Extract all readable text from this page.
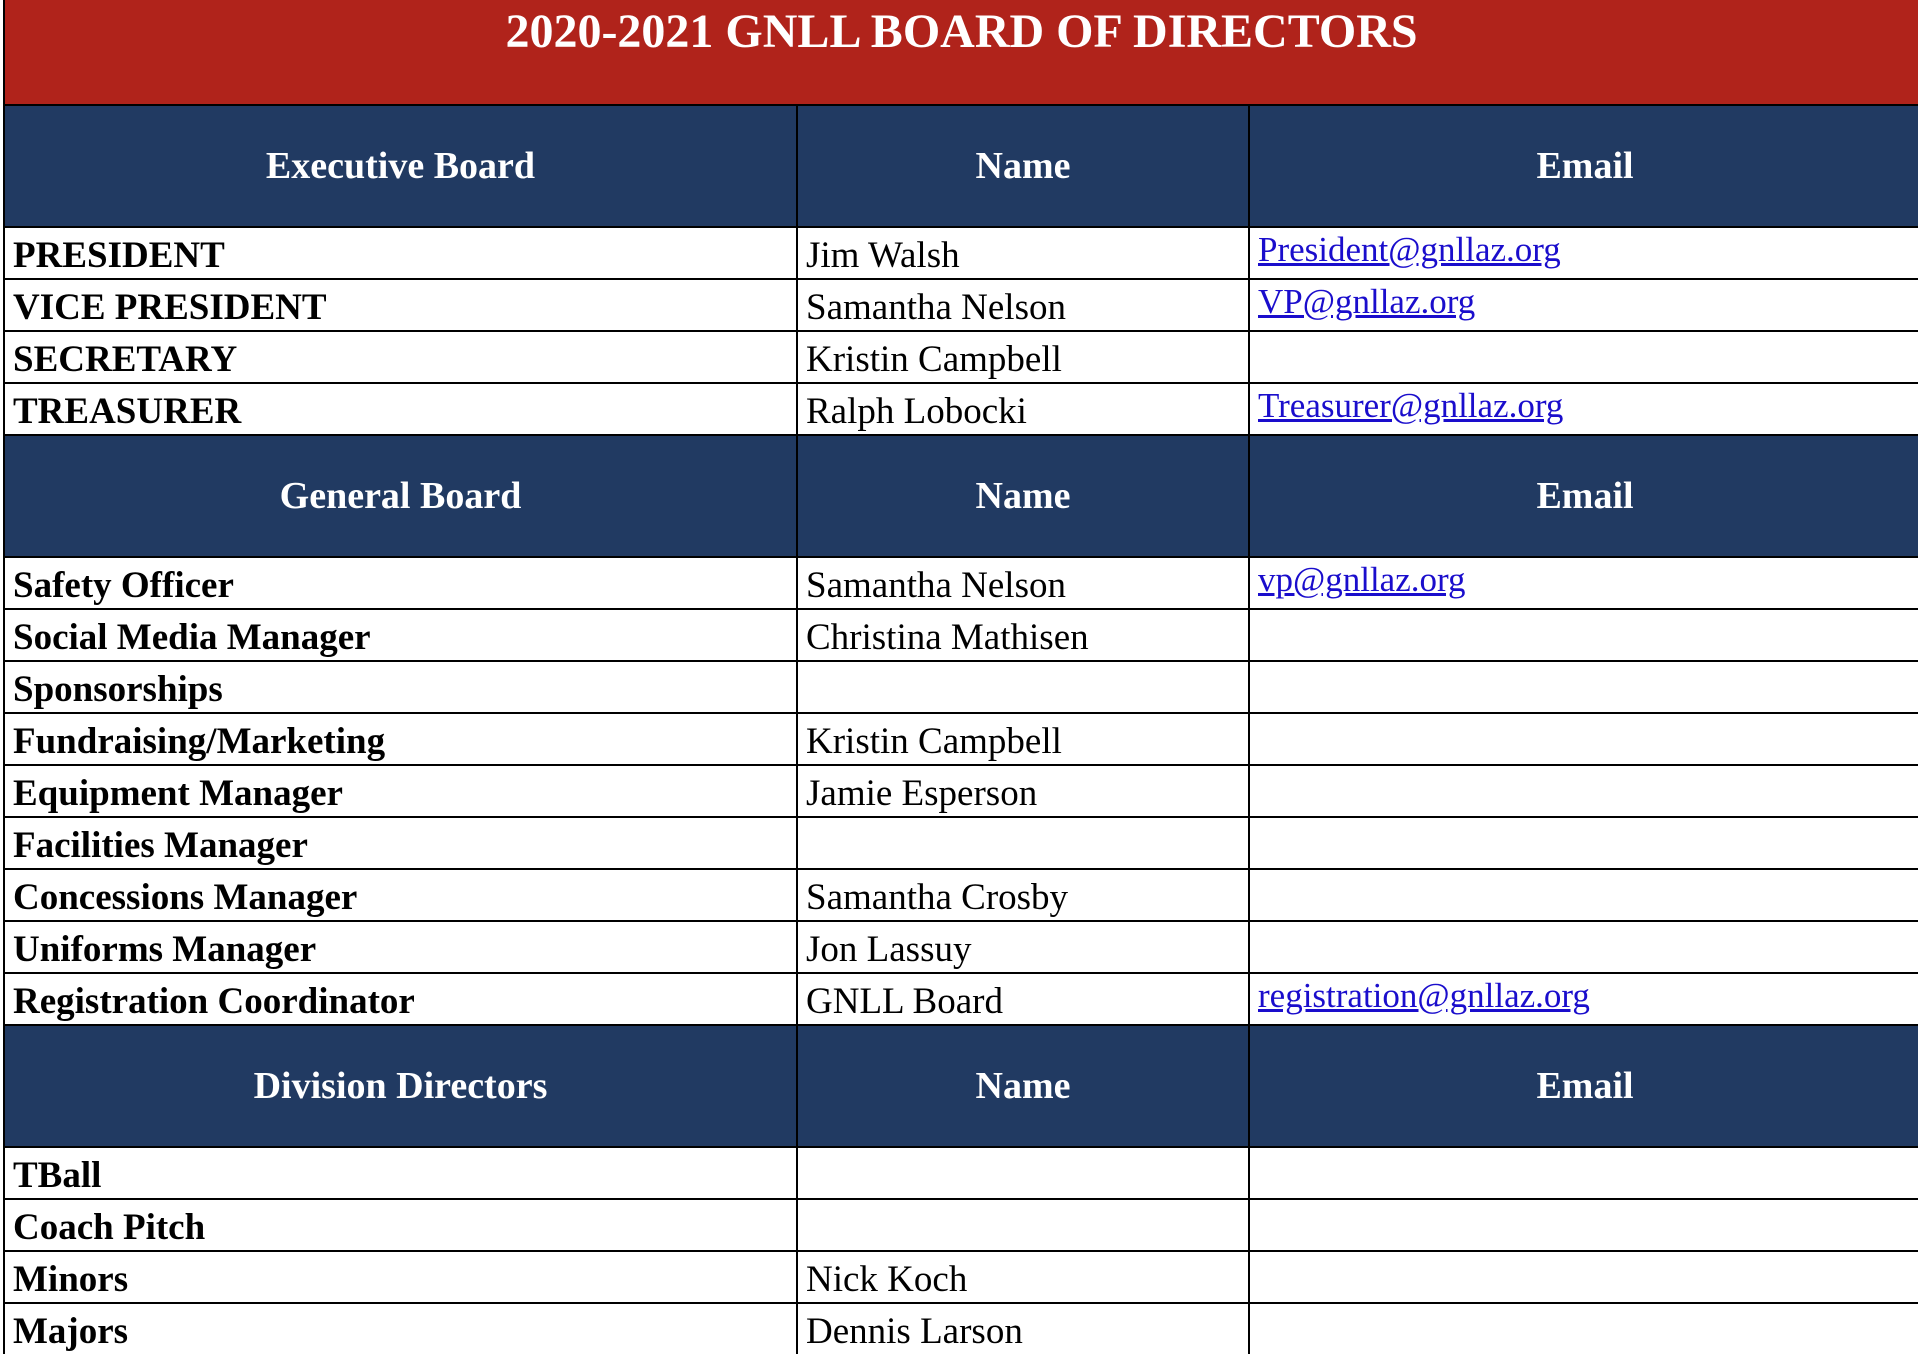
2020-2021 GNLL BOARD OF DIRECTORS
Executive Board	Name	Email
PRESIDENT	Jim Walsh	President@gnllaz.org
VICE PRESIDENT	Samantha Nelson	VP@gnllaz.org
SECRETARY	Kristin Campbell	
TREASURER	Ralph Lobocki	Treasurer@gnllaz.org
General Board	Name	Email
Safety Officer	Samantha Nelson	vp@gnllaz.org
Social Media Manager	Christina Mathisen	
Sponsorships		
Fundraising/Marketing	Kristin Campbell	
Equipment Manager	Jamie Esperson	
Facilities Manager		
Concessions Manager	Samantha Crosby	
Uniforms Manager	Jon Lassuy	
Registration Coordinator	GNLL Board	registration@gnllaz.org
Division Directors	Name	Email
TBall		
Coach Pitch		
Minors	Nick Koch	
Majors	Dennis Larson	
